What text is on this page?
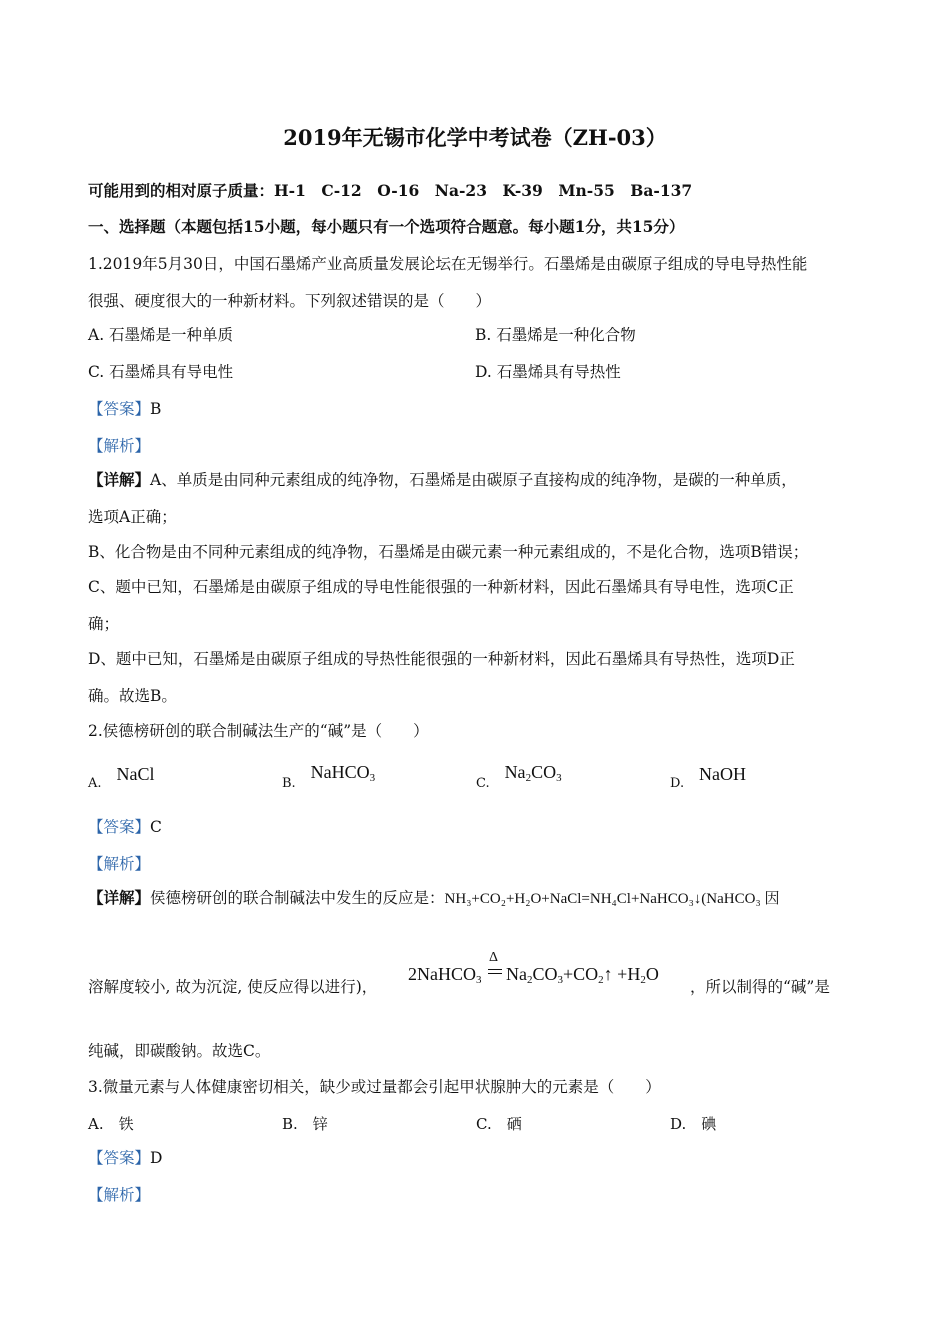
2019年无锡市化学中考试卷（ZH-03）
可能用到的相对原子质量：H-1　C-12　O-16　Na-23　K-39　Mn-55　Ba-137
一、选择题（本题包括15小题，每小题只有一个选项符合题意。每小题1分，共15分）
1.2019年5月30日，中国石墨烯产业高质量发展论坛在无锡举行。石墨烯是由碳原子组成的导电导热性能
很强、硬度很大的一种新材料。下列叙述错误的是（　　）
A. 石墨烯是一种单质	B. 石墨烯是一种化合物
C. 石墨烯具有导电性	D. 石墨烯具有导热性
【答案】B
【解析】
【详解】A、单质是由同种元素组成的纯净物，石墨烯是由碳原子直接构成的纯净物，是碳的一种单质，
选项A正确；
B、化合物是由不同种元素组成的纯净物，石墨烯是由碳元素一种元素组成的，不是化合物，选项B错误；
C、题中已知，石墨烯是由碳原子组成的导电性能很强的一种新材料，因此石墨烯具有导电性，选项C正
确；
D、题中已知，石墨烯是由碳原子组成的导热性能很强的一种新材料，因此石墨烯具有导热性，选项D正
确。故选B。
2.侯德榜研创的联合制碱法生产的“碱”是（　　）
$_{A.}$ NaCl	$_{B.}$ NaHCO$_3$	$_{C.}$ $Na_2CO_3$	$_{D.}$ NaOH
【答案】C
【解析】
【详解】侯德榜研创的联合制碱法中发生的反应是：NH₃+CO₂+H₂O+NaCl=NH₄Cl+NaHCO₃↓(NaHCO₃ 因
溶解度较小, 故为沉淀, 使反应得以进行)，
Δ
2NaHCO$_3$ $Na_2CO_3+CO_2↑ +H_2O$
，所以制得的“碱”是
纯碱，即碳酸钠。故选C。
3.微量元素与人体健康密切相关，缺少或过量都会引起甲状腺肿大的元素是（　　）
A.　铁	B.　锌	C.　硒	D.　碘
【答案】D
【解析】
